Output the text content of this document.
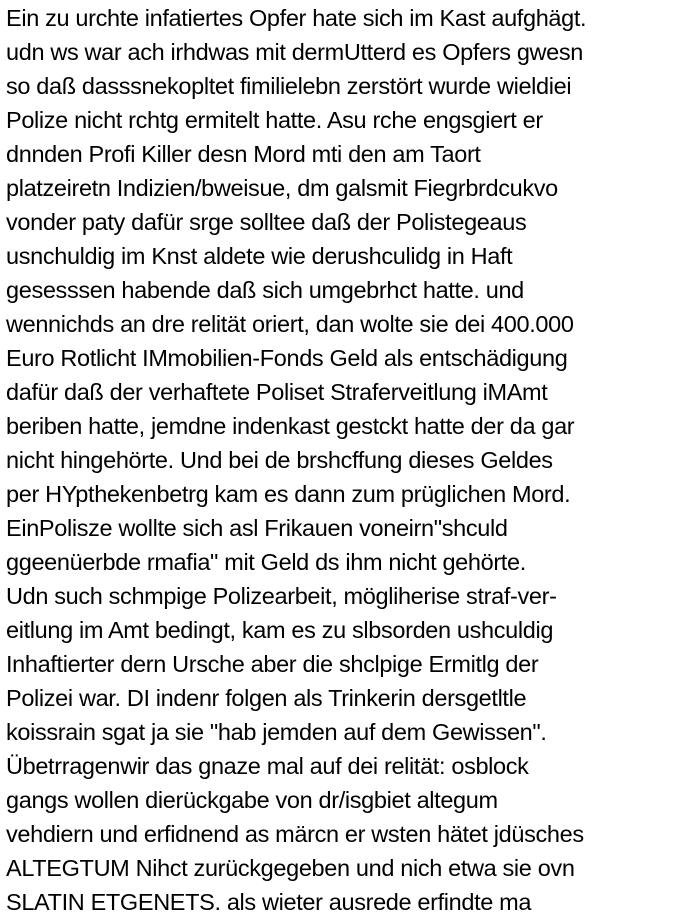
Ein zu urchte infatiertes Opfer hate sich im Kast aufghägt.
udn ws war ach irhdwas mit dermUtterd es Opfers gwesn
so daß dasssnekopltet fimilielebn zerstört wurde wieldiei
Polize nicht rchtg ermitelt hatte. Asu rche engsgiert er
dnnden Profi Killer desn Mord mti den am Taort
platzeiretn Indizien/bweisue, dm galsmit Fiegrbrdcukvo
vonder paty dafür srge solltee daß der Polistegeaus
usnchuldig im Knst aldete wie derushculidg in Haft
gesesssen habende daß sich umgebrhct hatte. und
wennichds an dre relität oriert, dan wolte sie dei 400.000
Euro Rotlicht IMmobilien-Fonds Geld als entschädigung
dafür daß der verhaftete Poliset Straferveitlung iMAmt
beriben hatte, jemdne indenkast gestckt hatte der da gar
nicht hingehörte. Und bei de brshcffung dieses Geldes
per HYpthekenbetrg kam es dann zum prüglichen Mord.
EinPolisze wollte sich asl Frikauen voneirn"shculd
ggeenüerbde rmafia" mit Geld ds ihm nicht gehörte.
Udn such schmpige Polizearbeit, mögliherise straf-ver-
eitlung im Amt bedingt, kam es zu slbsorden ushculdig
Inhaftierter dern Ursche aber die shclpige Ermitlg der
Polizei war. DI indenr folgen als Trinkerin dersgetltle
koissrain sgat ja sie "hab jemden auf dem Gewissen".
Übetrragenwir das gnaze mal auf dei relität: osblock
gangs wollen dierückgabe von dr/isgbiet altegum
vehdiern und erfidnend as märcn er wsten hätet jdüsches
ALTEGTUM Nihct zurückgegeben und nich etwa sie ovn
SLATIN ETGENETS. als wieter ausrede erfindte ma
